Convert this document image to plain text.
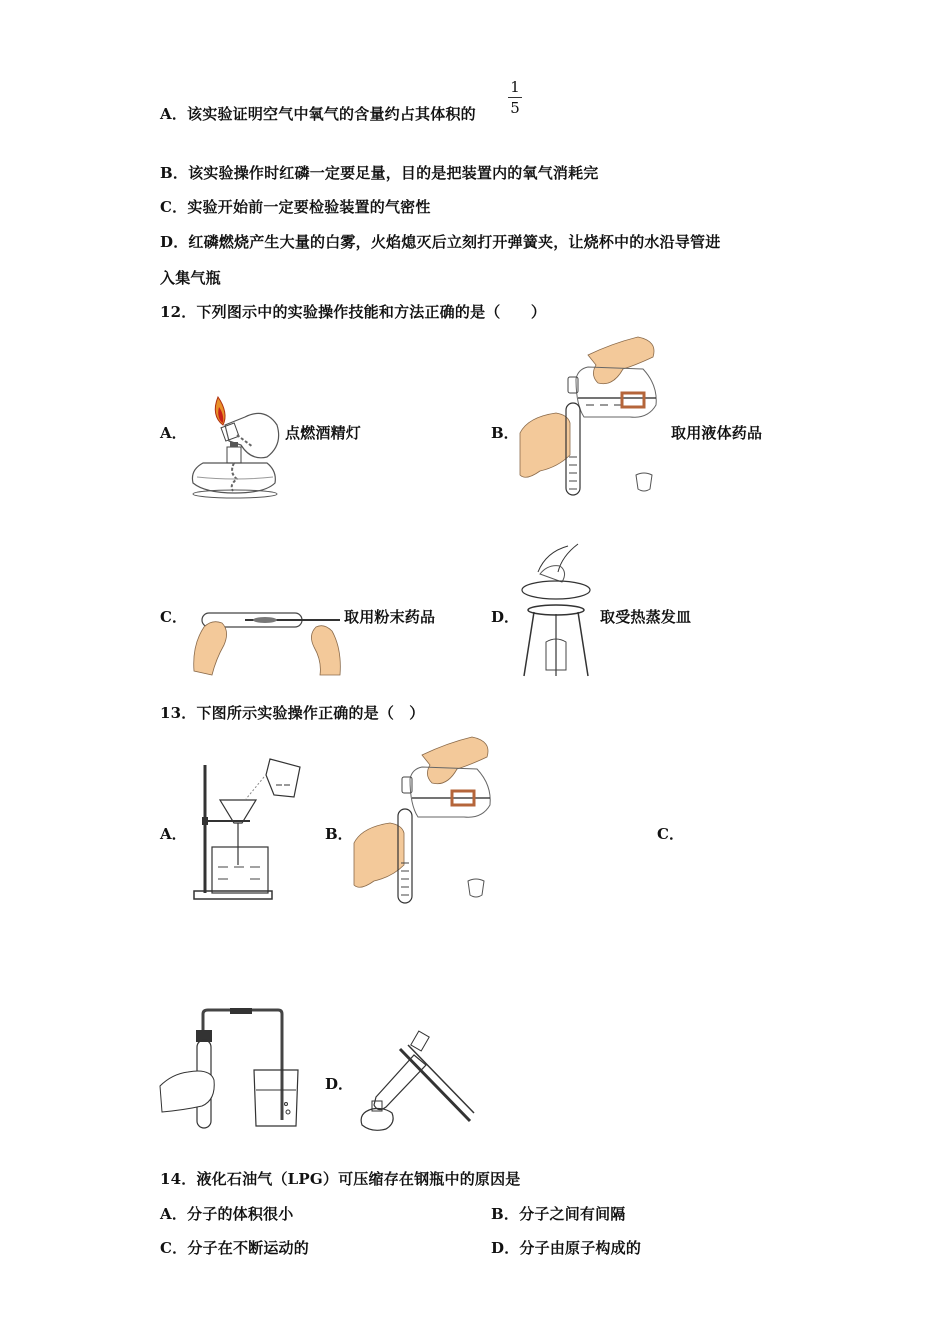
A．该实验证明空气中氧气的含量约占其体积的
1
5
B．该实验操作时红磷一定要足量，目的是把装置内的氧气消耗完
C．实验开始前一定要检验装置的气密性
D．红磷燃烧产生大量的白雾，火焰熄灭后立刻打开弹簧夹，让烧杯中的水沿导管进
入集气瓶
12．下列图示中的实验操作技能和方法正确的是（　　）
A．	点燃酒精灯	B．	取用液体药品
C．	取用粉末药品	D．	取受热蒸发皿
13．下图所示实验操作正确的是（　）
A．	B．	C．
D．
14．液化石油气（LPG）可压缩存在钢瓶中的原因是
A．分子的体积很小	B．分子之间有间隔
C．分子在不断运动的	D．分子由原子构成的
